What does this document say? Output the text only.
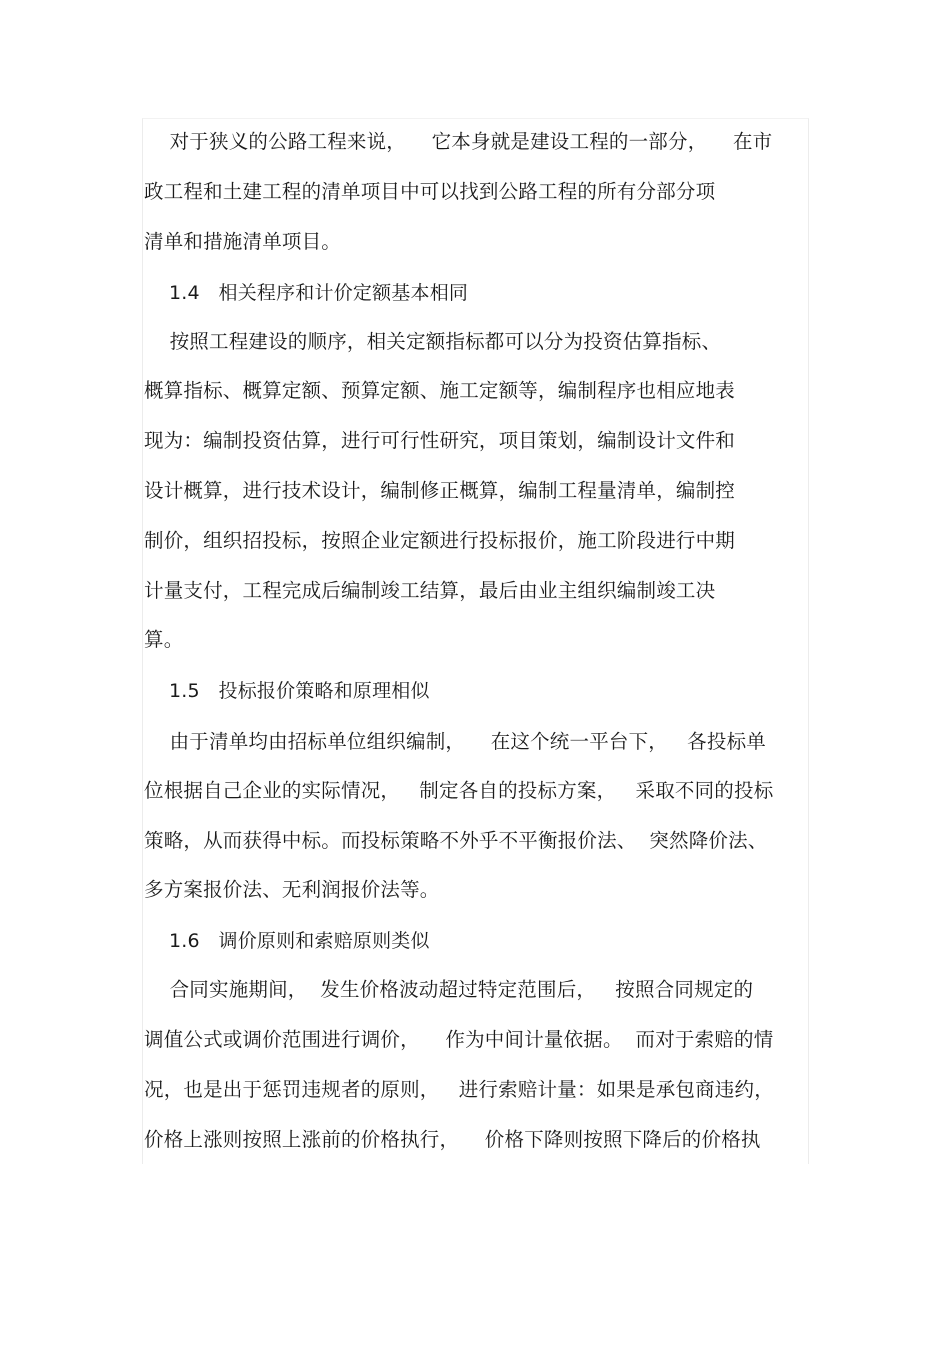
对于狭义的公路工程来说，    它本身就是建设工程的一部分，    在市
政工程和土建工程的清单项目中可以找到公路工程的所有分部分项
清单和措施清单项目。
1.4   相关程序和计价定额基本相同
按照工程建设的顺序，相关定额指标都可以分为投资估算指标、
概算指标、概算定额、预算定额、施工定额等，编制程序也相应地表
现为：编制投资估算，进行可行性研究，项目策划，编制设计文件和
设计概算，进行技术设计，编制修正概算，编制工程量清单，编制控
制价，组织招投标，按照企业定额进行投标报价，施工阶段进行中期
计量支付，工程完成后编制竣工结算，最后由业主组织编制竣工决
算。
1.5   投标报价策略和原理相似
由于清单均由招标单位组织编制，    在这个统一平台下，   各投标单
位根据自己企业的实际情况，   制定各自的投标方案，   采取不同的投标
策略，从而获得中标。而投标策略不外乎不平衡报价法、  突然降价法、
多方案报价法、无利润报价法等。
1.6   调价原则和索赔原则类似
合同实施期间，  发生价格波动超过特定范围后，   按照合同规定的
调值公式或调价范围进行调价，    作为中间计量依据。  而对于索赔的情
况，也是出于惩罚违规者的原则，   进行索赔计量：如果是承包商违约，
价格上涨则按照上涨前的价格执行，    价格下降则按照下降后的价格执
